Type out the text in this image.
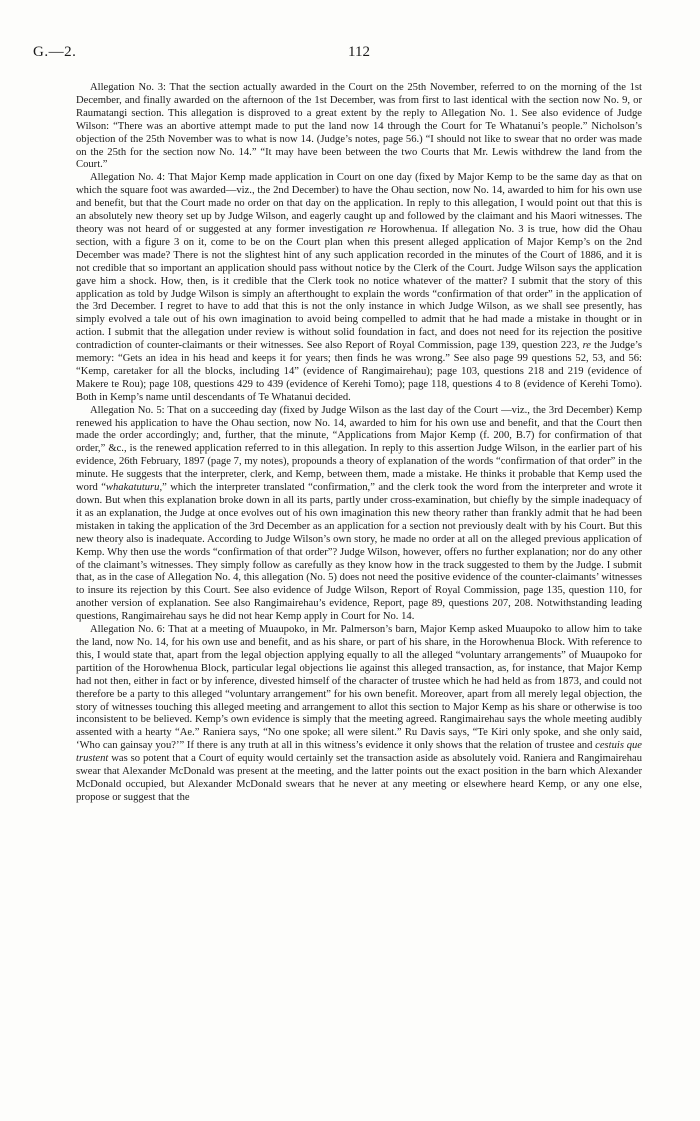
G.—2.	112

Allegation No. 3: That the section actually awarded in the Court on the 25th November, referred to on the morning of the 1st December, and finally awarded on the afternoon of the 1st December, was from first to last identical with the section now No. 9, or Raumatangi section. This allegation is disproved to a great extent by the reply to Allegation No. 1. See also evidence of Judge Wilson: “There was an abortive attempt made to put the land now 14 through the Court for Te Whatanui’s people.” Nicholson’s objection of the 25th November was to what is now 14. (Judge’s notes, page 56.) “I should not like to swear that no order was made on the 25th for the section now No. 14.” “It may have been between the two Courts that Mr. Lewis withdrew the land from the Court.”

Allegation No. 4: That Major Kemp made application in Court on one day (fixed by Major Kemp to be the same day as that on which the square foot was awarded—viz., the 2nd December) to have the Ohau section, now No. 14, awarded to him for his own use and benefit, but that the Court made no order on that day on the application. In reply to this allegation, I would point out that this is an absolutely new theory set up by Judge Wilson, and eagerly caught up and followed by the claimant and his Maori witnesses. The theory was not heard of or suggested at any former investigation re Horowhenua. If allegation No. 3 is true, how did the Ohau section, with a figure 3 on it, come to be on the Court plan when this present alleged application of Major Kemp’s on the 2nd December was made? There is not the slightest hint of any such application recorded in the minutes of the Court of 1886, and it is not credible that so important an application should pass without notice by the Clerk of the Court. Judge Wilson says the application gave him a shock. How, then, is it credible that the Clerk took no notice whatever of the matter? I submit that the story of this application as told by Judge Wilson is simply an afterthought to explain the words “confirmation of that order” in the application of the 3rd December. I regret to have to add that this is not the only instance in which Judge Wilson, as we shall see presently, has simply evolved a tale out of his own imagination to avoid being compelled to admit that he had made a mistake in thought or in action. I submit that the allegation under review is without solid foundation in fact, and does not need for its rejection the positive contradiction of counter-claimants or their witnesses. See also Report of Royal Commission, page 139, question 223, re the Judge’s memory: “Gets an idea in his head and keeps it for years; then finds he was wrong.” See also page 99 questions 52, 53, and 56: “Kemp, caretaker for all the blocks, including 14” (evidence of Rangimairehau); page 103, questions 218 and 219 (evidence of Makere te Rou); page 108, questions 429 to 439 (evidence of Kerehi Tomo); page 118, questions 4 to 8 (evidence of Kerehi Tomo). Both in Kemp’s name until descendants of Te Whatanui decided.

Allegation No. 5: That on a succeeding day (fixed by Judge Wilson as the last day of the Court —viz., the 3rd December) Kemp renewed his application to have the Ohau section, now No. 14, awarded to him for his own use and benefit, and that the Court then made the order accordingly; and, further, that the minute, “Applications from Major Kemp (f. 200, B.7) for confirmation of that order,” &c., is the renewed application referred to in this allegation. In reply to this assertion Judge Wilson, in the earlier part of his evidence, 26th February, 1897 (page 7, my notes), propounds a theory of explanation of the words “confirmation of that order” in the minute. He suggests that the interpreter, clerk, and Kemp, between them, made a mistake. He thinks it probable that Kemp used the word “whakatuturu,” which the interpreter translated “confirmation,” and the clerk took the word from the interpreter and wrote it down. But when this explanation broke down in all its parts, partly under cross-examination, but chiefly by the simple inadequacy of it as an explanation, the Judge at once evolves out of his own imagination this new theory rather than frankly admit that he had been mistaken in taking the application of the 3rd December as an application for a section not previously dealt with by his Court. But this new theory also is inadequate. According to Judge Wilson’s own story, he made no order at all on the alleged previous application of Kemp. Why then use the words “confirmation of that order”? Judge Wilson, however, offers no further explanation; nor do any other of the claimant’s witnesses. They simply follow as carefully as they know how in the track suggested to them by the Judge. I submit that, as in the case of Allegation No. 4, this allegation (No. 5) does not need the positive evidence of the counter-claimants’ witnesses to insure its rejection by this Court. See also evidence of Judge Wilson, Report of Royal Commission, page 135, question 110, for another version of explanation. See also Rangimairehau’s evidence, Report, page 89, questions 207, 208. Notwithstanding leading questions, Rangimairehau says he did not hear Kemp apply in Court for No. 14.

Allegation No. 6: That at a meeting of Muaupoko, in Mr. Palmerson’s barn, Major Kemp asked Muaupoko to allow him to take the land, now No. 14, for his own use and benefit, and as his share, or part of his share, in the Horowhenua Block. With reference to this, I would state that, apart from the legal objection applying equally to all the alleged “voluntary arrangements” of Muaupoko for partition of the Horowhenua Block, particular legal objections lie against this alleged transaction, as, for instance, that Major Kemp had not then, either in fact or by inference, divested himself of the character of trustee which he had held as from 1873, and could not therefore be a party to this alleged “voluntary arrangement” for his own benefit. Moreover, apart from all merely legal objection, the story of witnesses touching this alleged meeting and arrangement to allot this section to Major Kemp as his share or otherwise is too inconsistent to be believed. Kemp’s own evidence is simply that the meeting agreed. Rangimairehau says the whole meeting audibly assented with a hearty “Ae.” Raniera says, “No one spoke; all were silent.” Ru Davis says, “Te Kiri only spoke, and she only said, ‘Who can gainsay you?’” If there is any truth at all in this witness’s evidence it only shows that the relation of trustee and cestuis que trustent was so potent that a Court of equity would certainly set the transaction aside as absolutely void. Raniera and Rangimairehau swear that Alexander McDonald was present at the meeting, and the latter points out the exact position in the barn which Alexander McDonald occupied, but Alexander McDonald swears that he never at any meeting or elsewhere heard Kemp, or any one else, propose or suggest that the
